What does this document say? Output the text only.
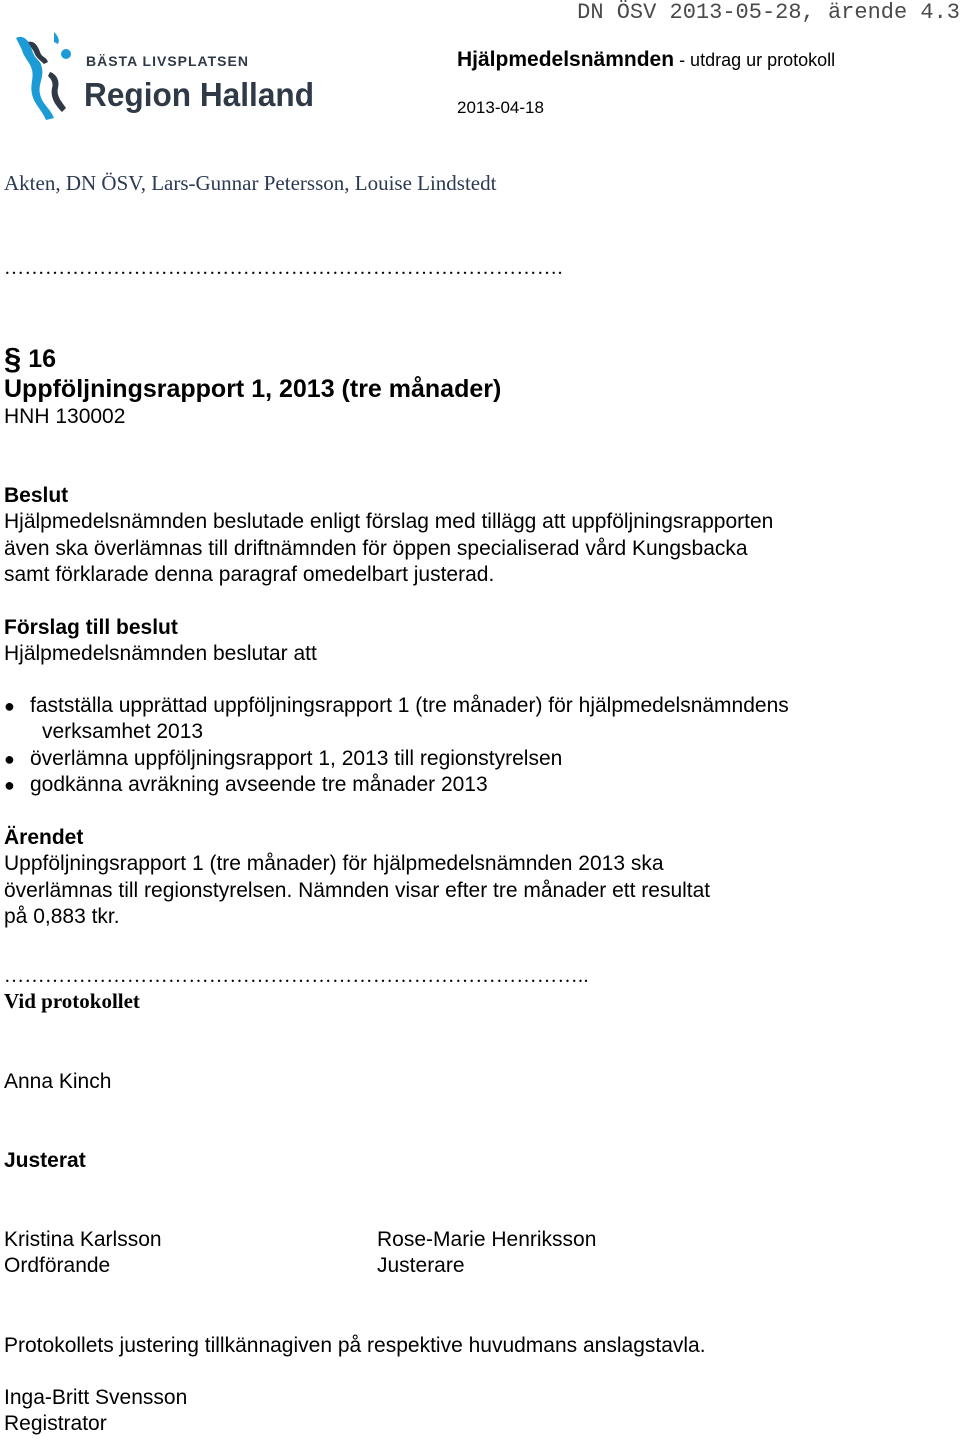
DN ÖSV 2013-05-28, ärende 4.3
BÄSTA LIVSPLATSEN
Region Halland
Hjälpmedelsnämnden - utdrag ur protokoll
2013-04-18
Akten, DN ÖSV, Lars-Gunnar Petersson, Louise Lindstedt
……………………………………………………………………….
§ 16
Uppföljningsrapport 1, 2013 (tre månader)
HNH 130002
Beslut
Hjälpmedelsnämnden beslutade enligt förslag med tillägg att uppföljningsrapporten
även ska överlämnas till driftnämnden för öppen specialiserad vård Kungsbacka
samt förklarade denna paragraf omedelbart justerad.
Förslag till beslut
Hjälpmedelsnämnden beslutar att
● fastställa upprättad uppföljningsrapport 1 (tre månader) för hjälpmedelsnämndens
verksamhet 2013
● överlämna uppföljningsrapport 1, 2013 till regionstyrelsen
● godkänna avräkning avseende tre månader 2013
Ärendet
Uppföljningsrapport 1 (tre månader) för hjälpmedelsnämnden 2013 ska
överlämnas till regionstyrelsen. Nämnden visar efter tre månader ett resultat
på 0,883 tkr.
…………………………………………………………………………..
Vid protokollet
Anna Kinch
Justerat
Kristina Karlsson
Ordförande
Rose-Marie Henriksson
Justerare
Protokollets justering tillkännagiven på respektive huvudmans anslagstavla.
Inga-Britt Svensson
Registrator
